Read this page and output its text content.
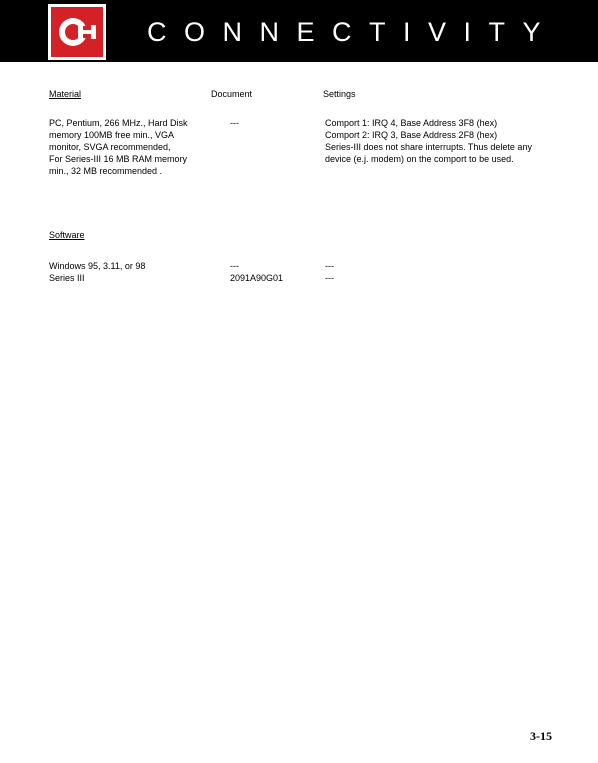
CONNECTIVITY
Material	Document	Settings
PC, Pentium, 266 MHz., Hard Disk
memory 100MB free min., VGA
monitor, SVGA recommended,
For Series-III 16 MB RAM memory
min., 32 MB recommended .
---	Comport 1: IRQ 4, Base Address 3F8 (hex)
Comport 2: IRQ 3, Base Address 2F8 (hex)
Series-III does not share interrupts. Thus delete any
device (e.j. modem) on the comport to be used.
Software
Windows 95, 3.11, or 98	---	---
Series III	2091A90G01	---
3-15
